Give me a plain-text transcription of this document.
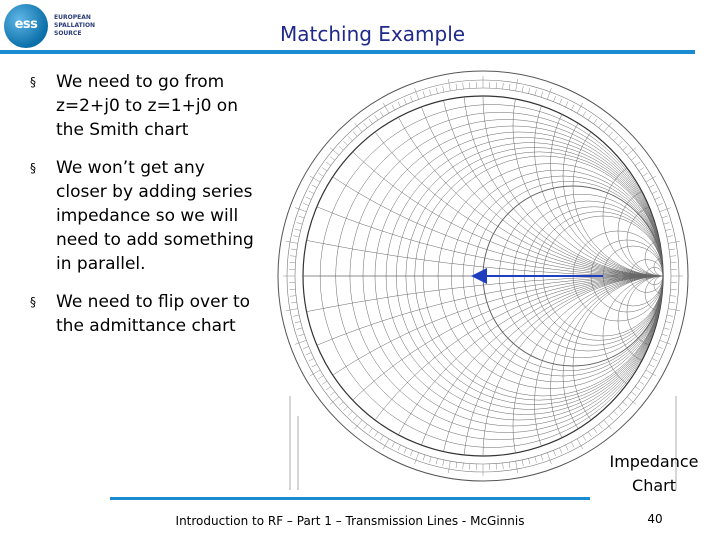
ess	EUROPEAN
SPALLATION
SOURCE	Matching Example
§ We need to go from z=2+j0 to z=1+j0 on the Smith chart
§ We won’t get any closer by adding series impedance so we will need to add something in parallel.
§ We need to flip over to the admittance chart
Impedance
Chart
Introduction to RF – Part 1 – Transmission Lines - McGinnis	40
